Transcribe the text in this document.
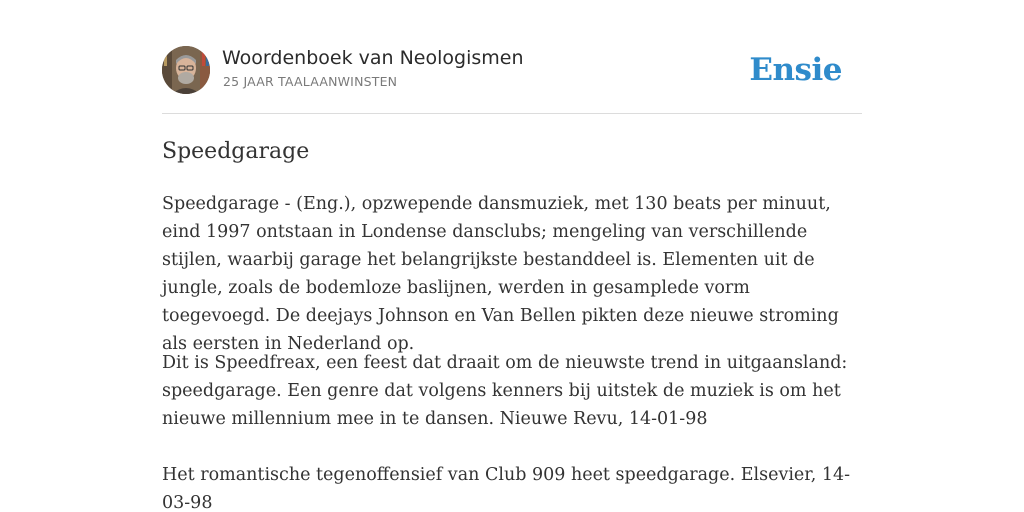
Woordenboek van Neologismen
25 JAAR TAALAANWINSTEN	Ensie
Speedgarage

Speedgarage - (Eng.), opzwepende dansmuziek, met 130 beats per minuut, eind 1997 ontstaan in Londense dansclubs; mengeling van verschillende stijlen, waarbij garage het belangrijkste bestanddeel is. Elementen uit de jungle, zoals de bodemloze baslijnen, werden in gesamplede vorm toegevoegd. De deejays Johnson en Van Bellen pikten deze nieuwe stroming als eersten in Nederland op.

Dit is Speedfreax, een feest dat draait om de nieuwste trend in uitgaansland: speedgarage. Een genre dat volgens kenners bij uitstek de muziek is om het nieuwe millennium mee in te dansen. Nieuwe Revu, 14-01-98

Het romantische tegenoffensief van Club 909 heet speedgarage. Elsevier, 14-03-98
